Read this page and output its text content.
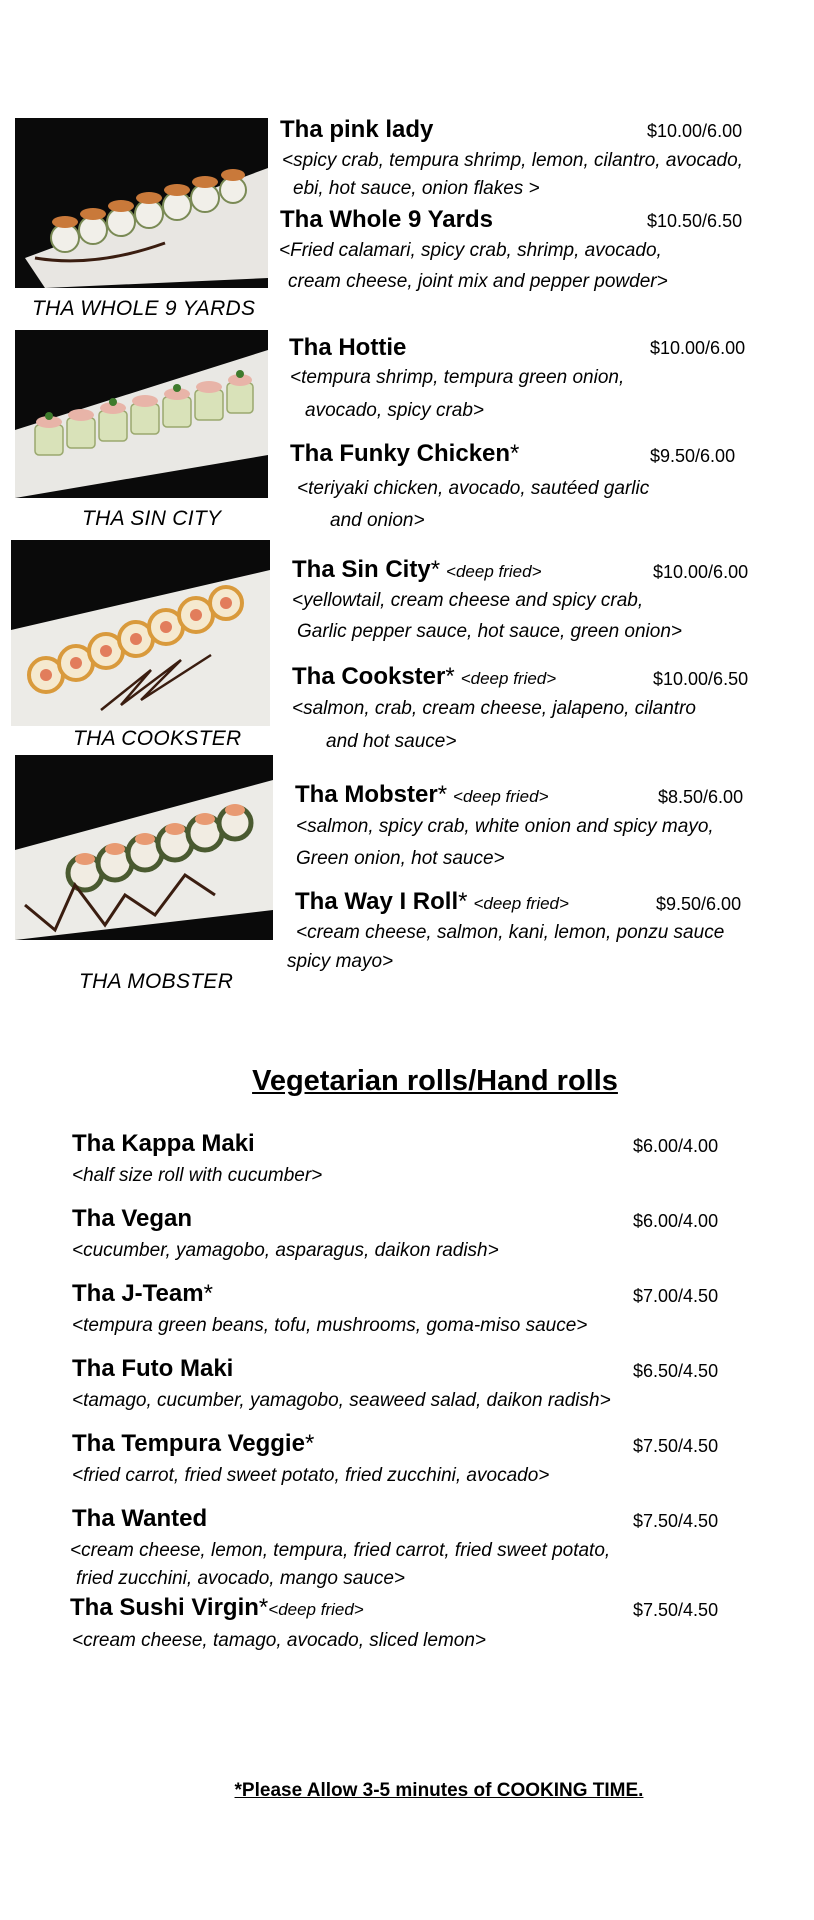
THA WHOLE 9 YARDS
THA SIN CITY
THA COOKSTER
THA MOBSTER
Tha pink lady	$10.00/6.00
<spicy crab, tempura shrimp, lemon, cilantro, avocado,
ebi, hot sauce, onion flakes >
Tha Whole 9 Yards	$10.50/6.50
<Fried calamari, spicy crab, shrimp, avocado,
cream cheese, joint mix and pepper powder>
Tha Hottie	$10.00/6.00
<tempura shrimp, tempura green onion,
avocado, spicy crab>
Tha Funky Chicken*	$9.50/6.00
<teriyaki chicken, avocado, sautéed garlic
and onion>
Tha Sin City* <deep fried>	$10.00/6.00
<yellowtail, cream cheese and spicy crab,
Garlic pepper sauce, hot sauce, green onion>
Tha Cookster* <deep fried>	$10.00/6.50
<salmon, crab, cream cheese, jalapeno, cilantro
and hot sauce>
Tha Mobster* <deep fried>	$8.50/6.00
<salmon, spicy crab, white onion and spicy mayo,
Green onion, hot sauce>
Tha Way I Roll* <deep fried>	$9.50/6.00
<cream cheese, salmon, kani, lemon, ponzu sauce
spicy mayo>
Vegetarian rolls/Hand rolls
Tha Kappa Maki	$6.00/4.00
<half size roll with cucumber>
Tha Vegan	$6.00/4.00
<cucumber, yamagobo, asparagus, daikon radish>
Tha J-Team*	$7.00/4.50
<tempura green beans, tofu, mushrooms, goma-miso sauce>
Tha Futo Maki	$6.50/4.50
<tamago, cucumber, yamagobo, seaweed salad, daikon radish>
Tha Tempura Veggie*	$7.50/4.50
<fried carrot, fried sweet potato, fried zucchini, avocado>
Tha Wanted	$7.50/4.50
<cream cheese, lemon, tempura, fried carrot, fried sweet potato,
fried zucchini, avocado, mango sauce>
Tha Sushi Virgin*<deep fried>	$7.50/4.50
<cream cheese, tamago, avocado, sliced lemon>
*Please Allow 3-5 minutes of COOKING TIME.
